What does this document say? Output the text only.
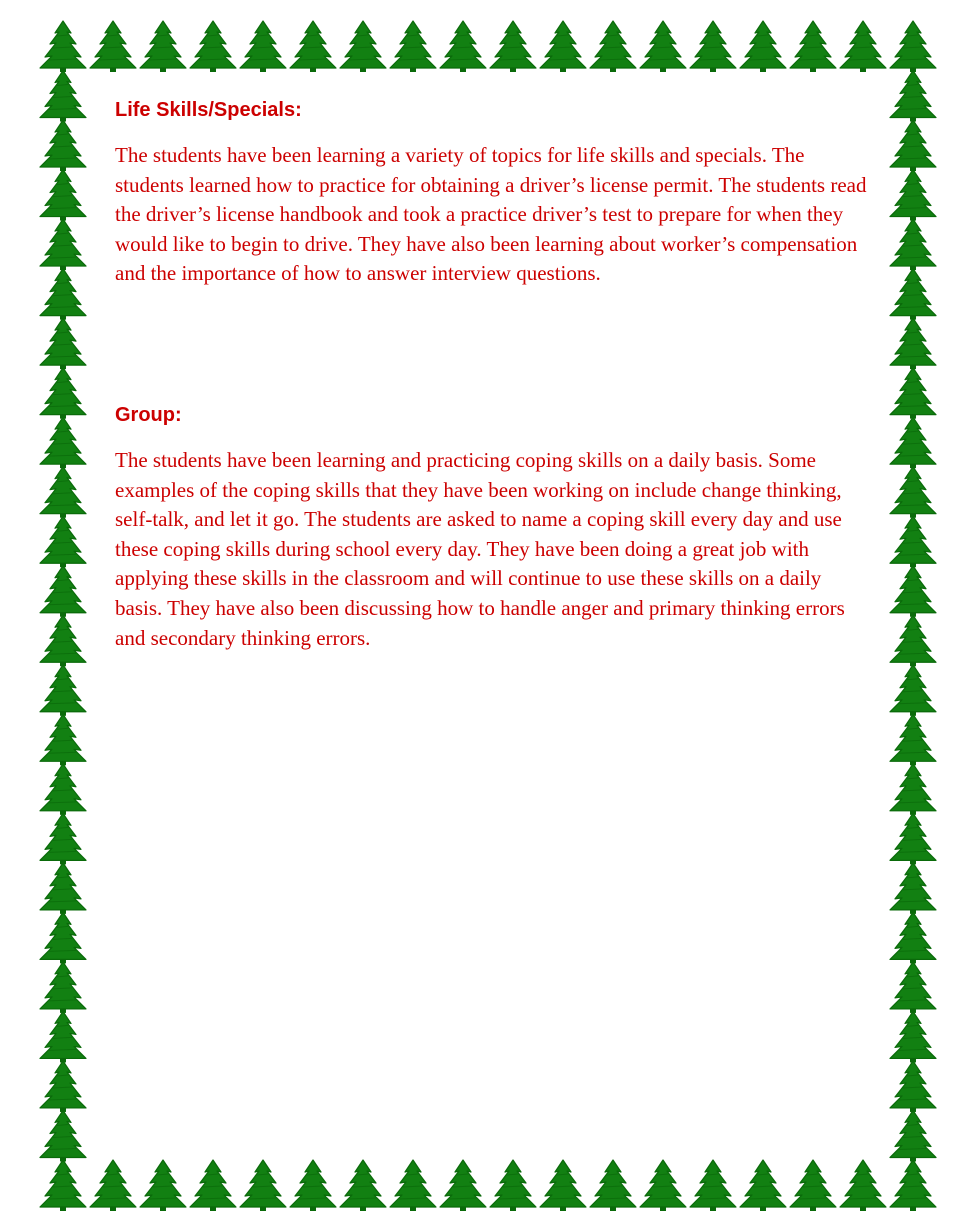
Life Skills/Specials:

The students have been learning a variety of topics for life skills and specials. The students learned how to practice for obtaining a driver’s license permit. The students read the driver’s license handbook and took a practice driver’s test to prepare for when they would like to begin to drive. They have also been learning about worker’s compensation and the importance of how to answer interview questions.

Group:

The students have been learning and practicing coping skills on a daily basis. Some examples of the coping skills that they have been working on include change thinking, self-talk, and let it go. The students are asked to name a coping skill every day and use these coping skills during school every day. They have been doing a great job with applying these skills in the classroom and will continue to use these skills on a daily basis. They have also been discussing how to handle anger and primary thinking errors and secondary thinking errors.
